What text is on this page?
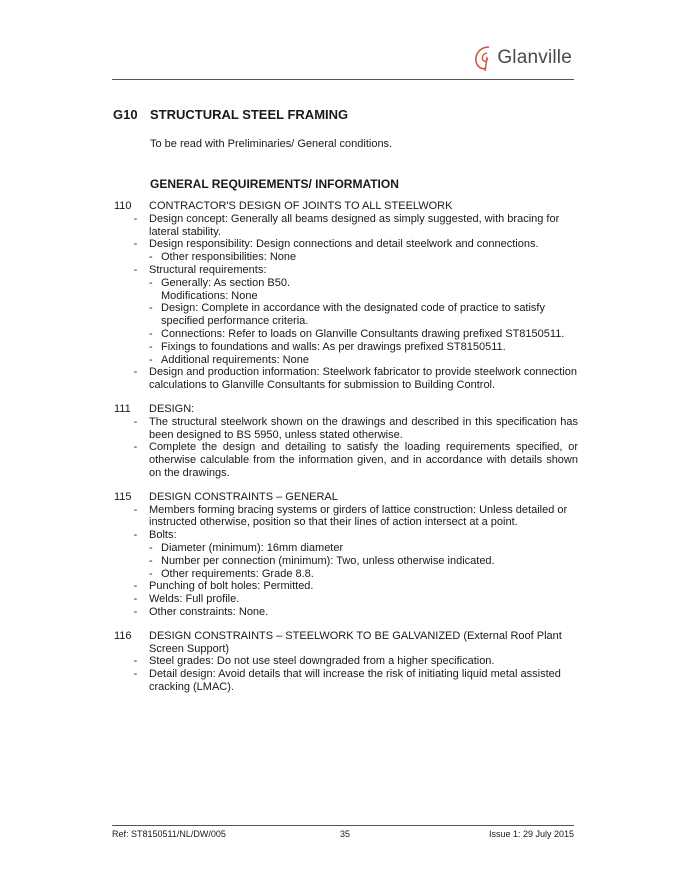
Glanville
G10 STRUCTURAL STEEL FRAMING
To be read with Preliminaries/ General conditions.
GENERAL REQUIREMENTS/ INFORMATION
110	CONTRACTOR'S DESIGN OF JOINTS TO ALL STEELWORK
-	Design concept: Generally all beams designed as simply suggested, with bracing for lateral stability.
-	Design responsibility: Design connections and detail steelwork and connections.
- Other responsibilities: None
-	Structural requirements:
- Generally: As section B50.
Modifications: None
- Design: Complete in accordance with the designated code of practice to satisfy specified performance criteria.
- Connections: Refer to loads on Glanville Consultants drawing prefixed ST8150511.
- Fixings to foundations and walls: As per drawings prefixed ST8150511.
- Additional requirements: None
-	Design and production information: Steelwork fabricator to provide steelwork connection calculations to Glanville Consultants for submission to Building Control.
111	DESIGN:
-	The structural steelwork shown on the drawings and described in this specification has been designed to BS 5950, unless stated otherwise.
-	Complete the design and detailing to satisfy the loading requirements specified, or otherwise calculable from the information given, and in accordance with details shown on the drawings.
115	DESIGN CONSTRAINTS – GENERAL
-	Members forming bracing systems or girders of lattice construction: Unless detailed or instructed otherwise, position so that their lines of action intersect at a point.
-	Bolts:
- Diameter (minimum): 16mm diameter
- Number per connection (minimum): Two, unless otherwise indicated.
- Other requirements: Grade 8.8.
-	Punching of bolt holes: Permitted.
-	Welds: Full profile.
-	Other constraints: None.
116	DESIGN CONSTRAINTS – STEELWORK TO BE GALVANIZED (External Roof Plant Screen Support)
-	Steel grades: Do not use steel downgraded from a higher specification.
-	Detail design: Avoid details that will increase the risk of initiating liquid metal assisted cracking (LMAC).
Ref: ST8150511/NL/DW/005	35	Issue 1: 29 July 2015
